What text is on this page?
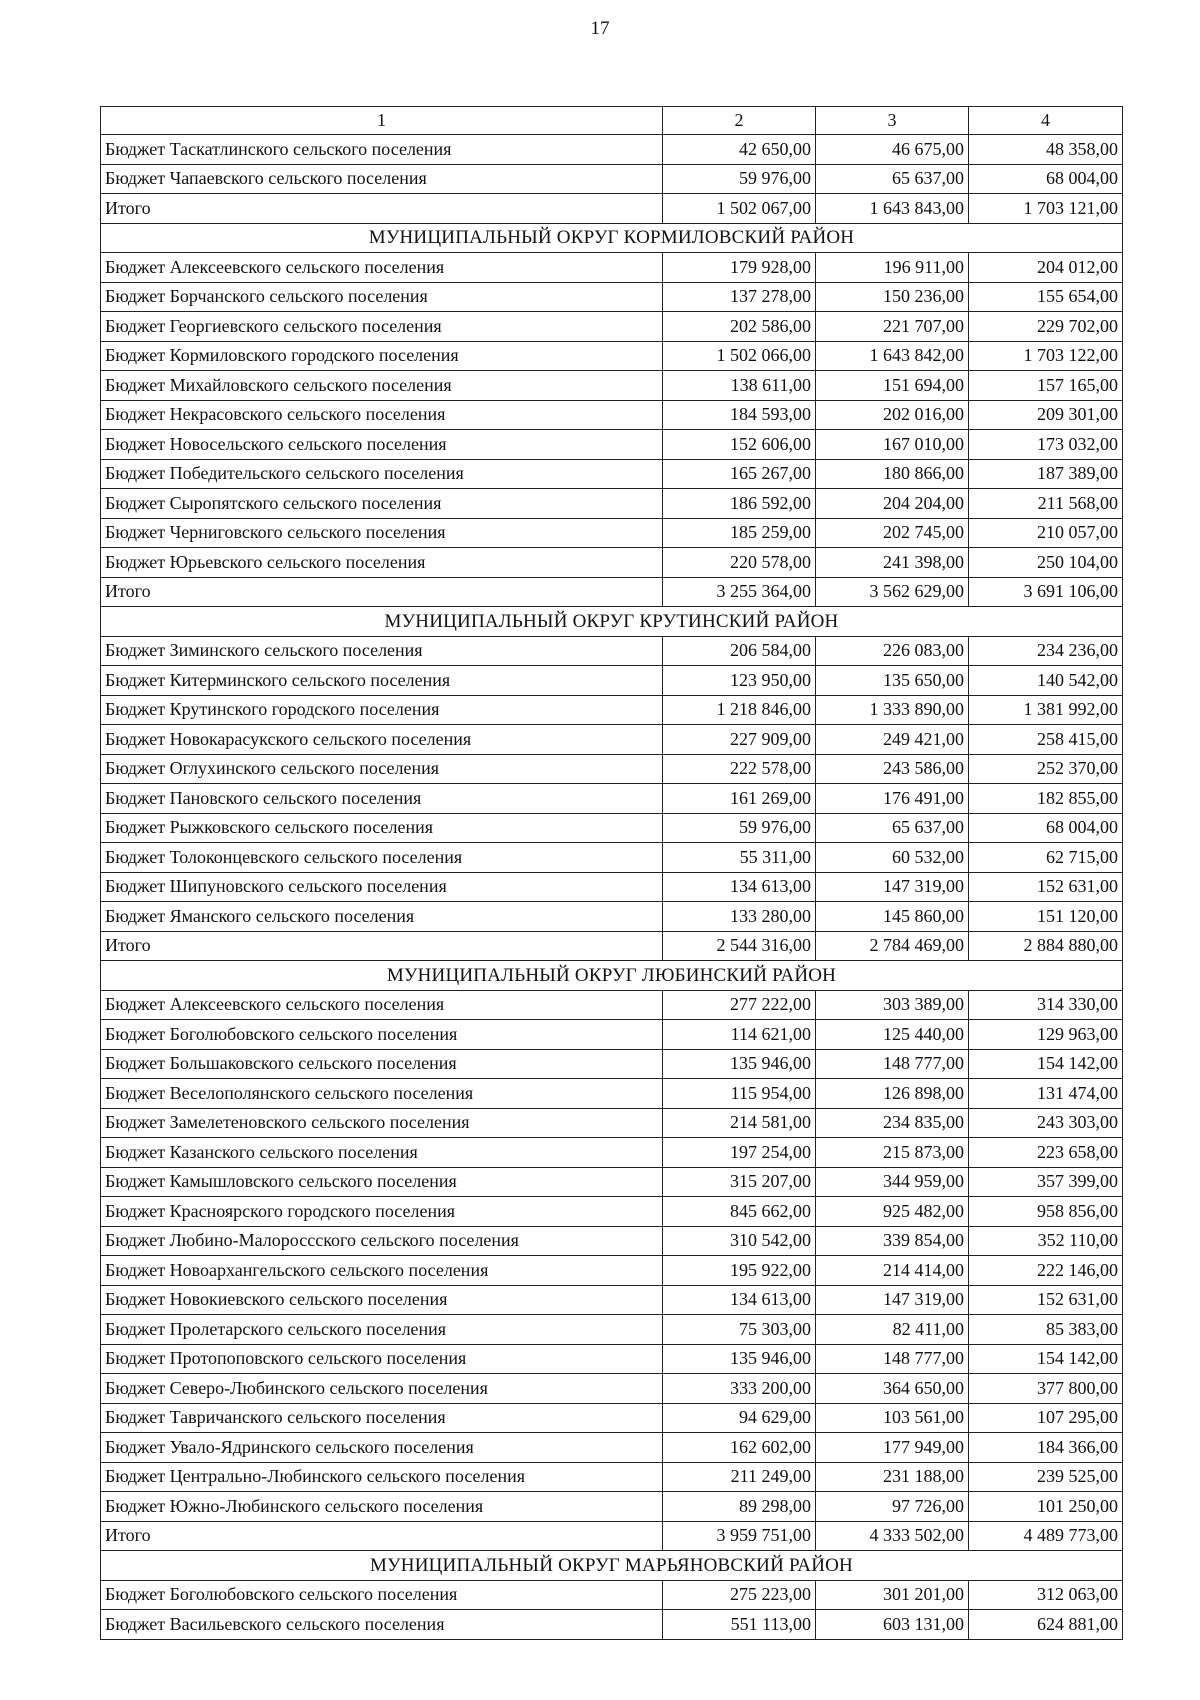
17
1	2	3	4
Бюджет Таскатлинского сельского поселения	42 650,00	46 675,00	48 358,00
Бюджет Чапаевского сельского поселения	59 976,00	65 637,00	68 004,00
Итого	1 502 067,00	1 643 843,00	1 703 121,00
МУНИЦИПАЛЬНЫЙ ОКРУГ КОРМИЛОВСКИЙ РАЙОН			
Бюджет Алексеевского сельского поселения	179 928,00	196 911,00	204 012,00
Бюджет Борчанского сельского поселения	137 278,00	150 236,00	155 654,00
Бюджет Георгиевского сельского поселения	202 586,00	221 707,00	229 702,00
Бюджет Кормиловского городского поселения	1 502 066,00	1 643 842,00	1 703 122,00
Бюджет Михайловского сельского поселения	138 611,00	151 694,00	157 165,00
Бюджет Некрасовского сельского поселения	184 593,00	202 016,00	209 301,00
Бюджет Новосельского сельского поселения	152 606,00	167 010,00	173 032,00
Бюджет Победительского сельского поселения	165 267,00	180 866,00	187 389,00
Бюджет Сыропятского сельского поселения	186 592,00	204 204,00	211 568,00
Бюджет Черниговского сельского поселения	185 259,00	202 745,00	210 057,00
Бюджет Юрьевского сельского поселения	220 578,00	241 398,00	250 104,00
Итого	3 255 364,00	3 562 629,00	3 691 106,00
МУНИЦИПАЛЬНЫЙ ОКРУГ КРУТИНСКИЙ РАЙОН			
Бюджет Зиминского сельского поселения	206 584,00	226 083,00	234 236,00
Бюджет Китерминского сельского поселения	123 950,00	135 650,00	140 542,00
Бюджет Крутинского городского поселения	1 218 846,00	1 333 890,00	1 381 992,00
Бюджет Новокарасукского сельского поселения	227 909,00	249 421,00	258 415,00
Бюджет Оглухинского сельского поселения	222 578,00	243 586,00	252 370,00
Бюджет Пановского сельского поселения	161 269,00	176 491,00	182 855,00
Бюджет Рыжковского сельского поселения	59 976,00	65 637,00	68 004,00
Бюджет Толоконцевского сельского поселения	55 311,00	60 532,00	62 715,00
Бюджет Шипуновского сельского поселения	134 613,00	147 319,00	152 631,00
Бюджет Яманского сельского поселения	133 280,00	145 860,00	151 120,00
Итого	2 544 316,00	2 784 469,00	2 884 880,00
МУНИЦИПАЛЬНЫЙ ОКРУГ ЛЮБИНСКИЙ РАЙОН			
Бюджет Алексеевского сельского поселения	277 222,00	303 389,00	314 330,00
Бюджет Боголюбовского сельского поселения	114 621,00	125 440,00	129 963,00
Бюджет Большаковского сельского поселения	135 946,00	148 777,00	154 142,00
Бюджет Веселополянского сельского поселения	115 954,00	126 898,00	131 474,00
Бюджет Замелетеновского сельского поселения	214 581,00	234 835,00	243 303,00
Бюджет Казанского сельского поселения	197 254,00	215 873,00	223 658,00
Бюджет Камышловского сельского поселения	315 207,00	344 959,00	357 399,00
Бюджет Красноярского городского поселения	845 662,00	925 482,00	958 856,00
Бюджет Любино-Малороссского сельского поселения	310 542,00	339 854,00	352 110,00
Бюджет Новоархангельского сельского поселения	195 922,00	214 414,00	222 146,00
Бюджет Новокиевского сельского поселения	134 613,00	147 319,00	152 631,00
Бюджет Пролетарского сельского поселения	75 303,00	82 411,00	85 383,00
Бюджет Протопоповского сельского поселения	135 946,00	148 777,00	154 142,00
Бюджет Северо-Любинского сельского поселения	333 200,00	364 650,00	377 800,00
Бюджет Тавричанского сельского поселения	94 629,00	103 561,00	107 295,00
Бюджет Увало-Ядринского сельского поселения	162 602,00	177 949,00	184 366,00
Бюджет Центрально-Любинского сельского поселения	211 249,00	231 188,00	239 525,00
Бюджет Южно-Любинского сельского поселения	89 298,00	97 726,00	101 250,00
Итого	3 959 751,00	4 333 502,00	4 489 773,00
МУНИЦИПАЛЬНЫЙ ОКРУГ МАРЬЯНОВСКИЙ РАЙОН			
Бюджет Боголюбовского сельского поселения	275 223,00	301 201,00	312 063,00
Бюджет Васильевского сельского поселения	551 113,00	603 131,00	624 881,00
